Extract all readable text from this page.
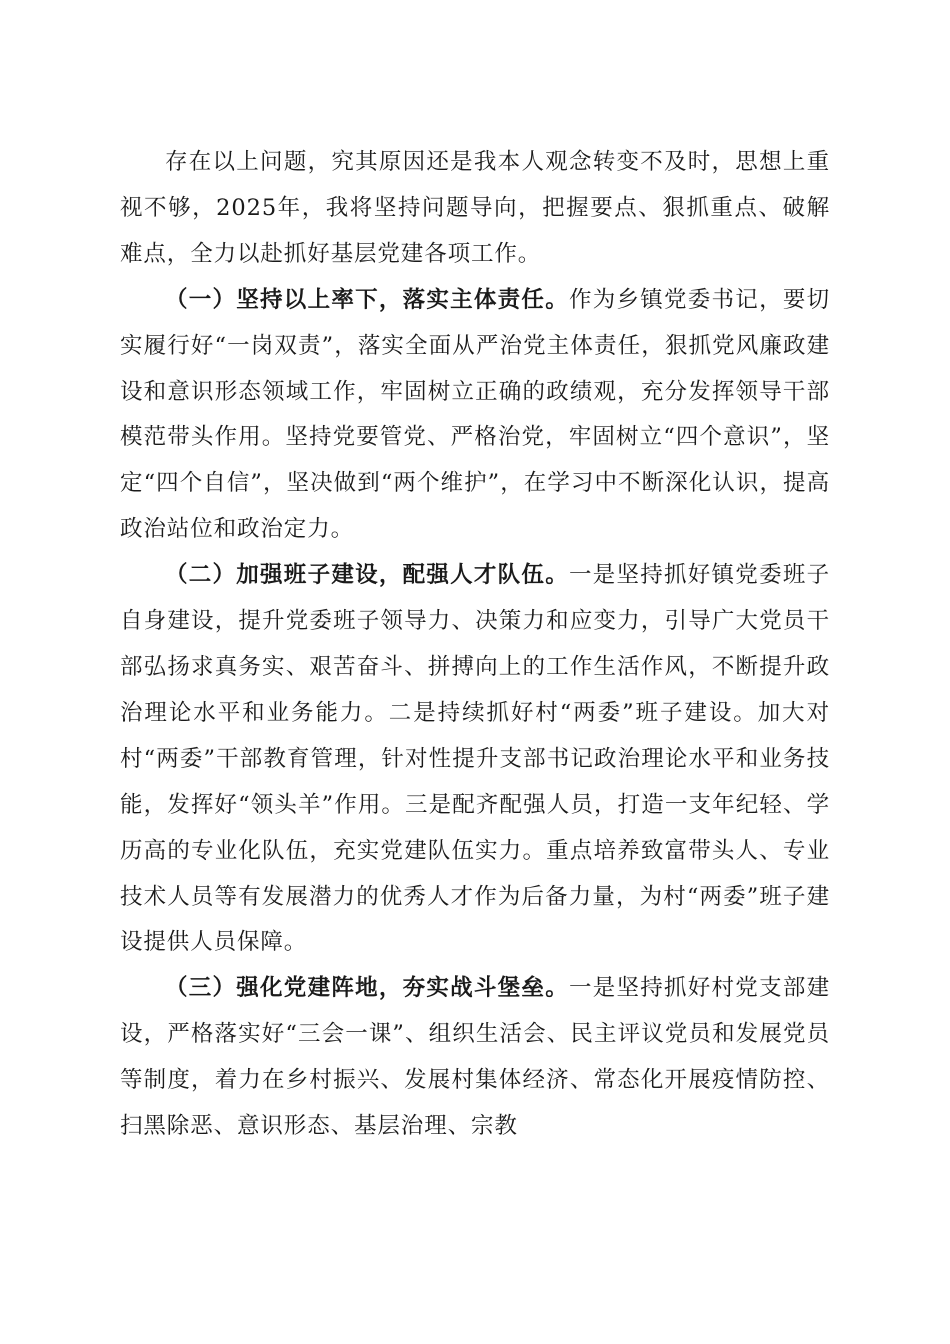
存在以上问题，究其原因还是我本人观念转变不及时，思想上重视不够，2025年，我将坚持问题导向，把握要点、狠抓重点、破解难点，全力以赴抓好基层党建各项工作。

（一）坚持以上率下，落实主体责任。作为乡镇党委书记，要切实履行好“一岗双责”，落实全面从严治党主体责任，狠抓党风廉政建设和意识形态领域工作，牢固树立正确的政绩观，充分发挥领导干部模范带头作用。坚持党要管党、严格治党，牢固树立“四个意识”，坚定“四个自信”，坚决做到“两个维护”，在学习中不断深化认识，提高政治站位和政治定力。

（二）加强班子建设，配强人才队伍。一是坚持抓好镇党委班子自身建设，提升党委班子领导力、决策力和应变力，引导广大党员干部弘扬求真务实、艰苦奋斗、拼搏向上的工作生活作风，不断提升政治理论水平和业务能力。二是持续抓好村“两委”班子建设。加大对村“两委”干部教育管理，针对性提升支部书记政治理论水平和业务技能，发挥好“领头羊”作用。三是配齐配强人员，打造一支年纪轻、学历高的专业化队伍，充实党建队伍实力。重点培养致富带头人、专业技术人员等有发展潜力的优秀人才作为后备力量，为村“两委”班子建设提供人员保障。

（三）强化党建阵地，夯实战斗堡垒。一是坚持抓好村党支部建设，严格落实好“三会一课”、组织生活会、民主评议党员和发展党员等制度，着力在乡村振兴、发展村集体经济、常态化开展疫情防控、扫黑除恶、意识形态、基层治理、宗教
